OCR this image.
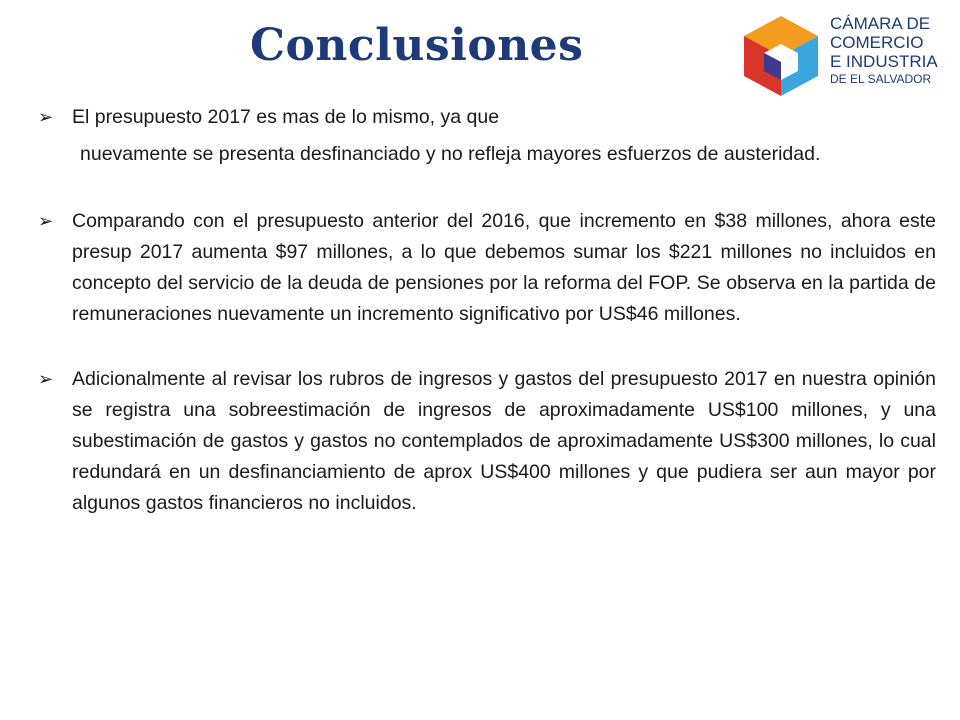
Conclusiones	CÁMARA DE
COMERCIO
E INDUSTRIA
DE EL SALVADOR
➢ El presupuesto 2017 es mas de lo mismo, ya que
nuevamente se presenta desfinanciado y no refleja mayores esfuerzos de austeridad.
➢ Comparando con el presupuesto anterior del 2016, que incremento en $38 millones, ahora este presup 2017 aumenta $97 millones, a lo que debemos sumar los $221 millones no incluidos en concepto del servicio de la deuda de pensiones por la reforma del FOP. Se observa en la partida de remuneraciones nuevamente un incremento significativo por US$46 millones.
➢ Adicionalmente al revisar los rubros de ingresos y gastos del presupuesto 2017 en nuestra opinión se registra una sobreestimación de ingresos de aproximadamente US$100 millones, y una subestimación de gastos y gastos no contemplados de aproximadamente US$300 millones, lo cual redundará en un desfinanciamiento de aprox US$400 millones y que pudiera ser aun mayor por algunos gastos financieros no incluidos.
